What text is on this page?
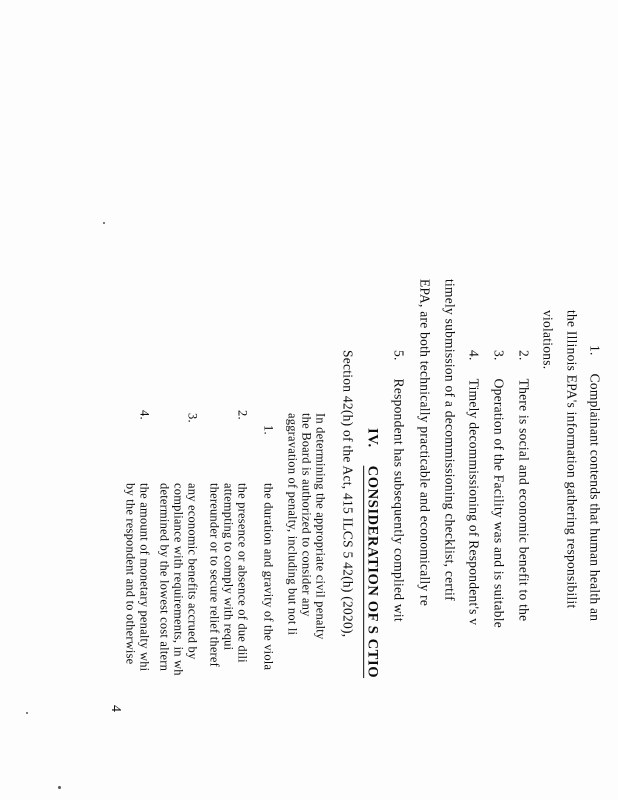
1.Complainant contends that human health an

the Illinois EPA's information gathering responsibilit

violations.

2.There is social and economic benefit to the

3.Operation of the Facility was and is suitable

4.Timely decommissioning of Respondent's v

timely submission of a decommissioning checklist, certif

EPA, are both technically practicable and economically re

5.Respondent has subsequently complied wit

IV.CONSIDERATION OF S CTIO

Section 42(h) of the Act, 415 ILCS 5 42(h) (2020),

In determining the appropriate civil penalty

the Board is authorized to consider any

aggravation of penalty, including but not li

1.

the duration and gravity of the viola

2.

the presence or absence of due dili

attempting to comply with requi

thereunder or to secure relief theref

3.

any economic benefits accrued by

compliance with requirements, in wh

determined by the lowest cost altern

4.

the amount of monetary penalty whi

by the respondent and to otherwise

4
